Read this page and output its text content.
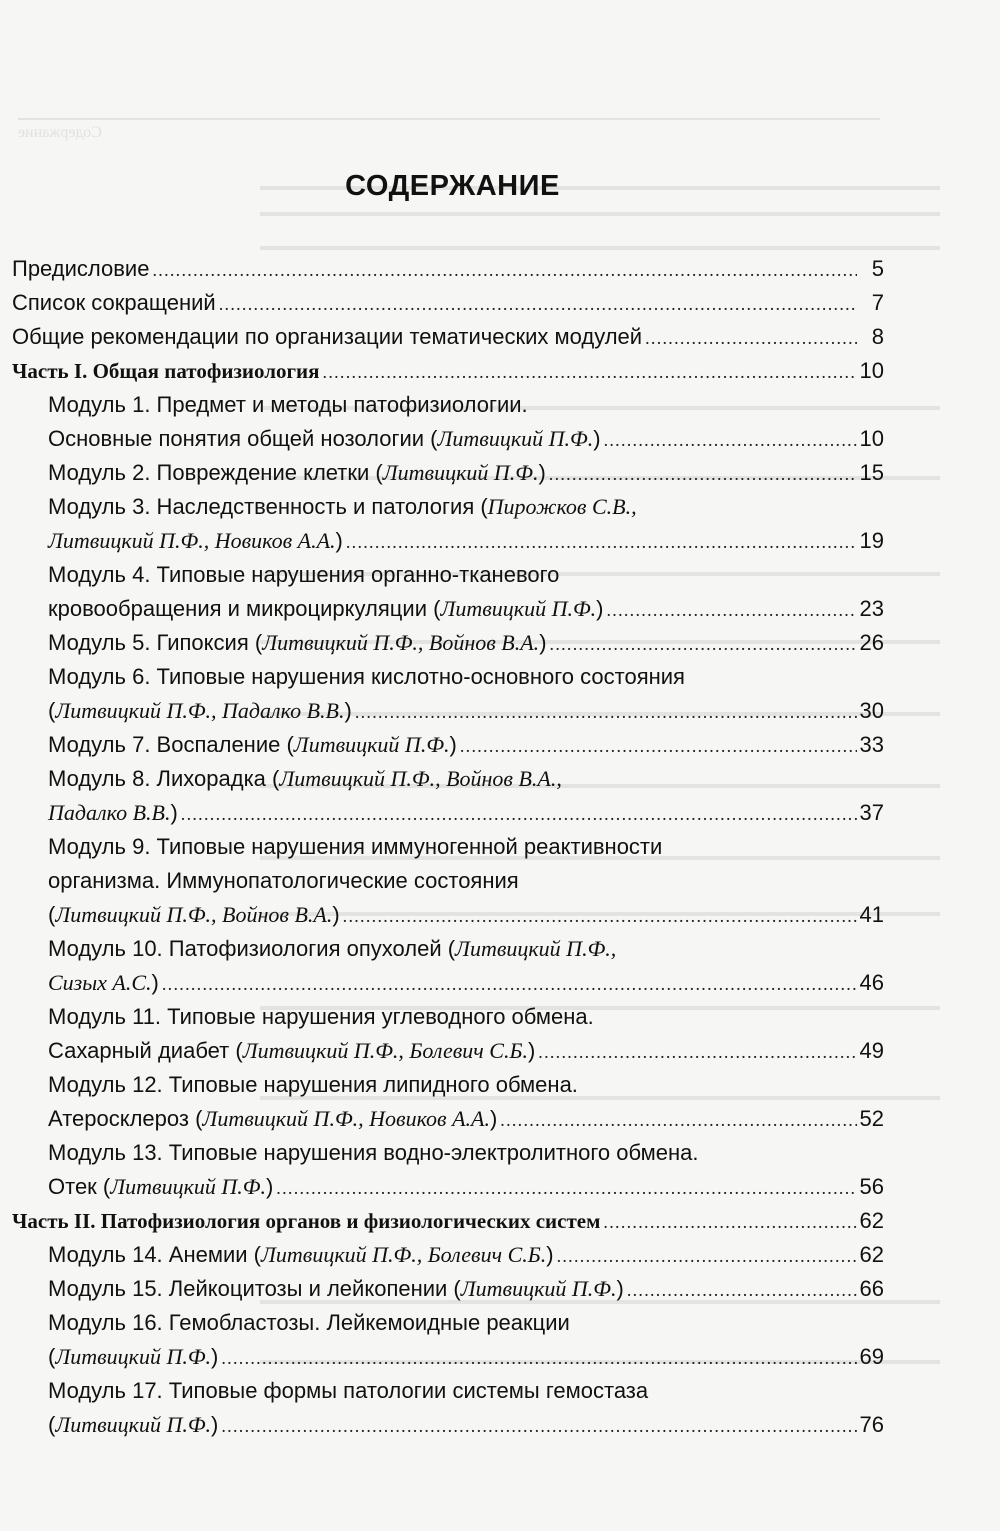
Содержание
СОДЕРЖАНИЕ
Предисловие .....	5
Список сокращений .....	7
Общие рекомендации по организации тематических модулей .....	8
Часть I. Общая патофизиология .....	10
Модуль 1. Предмет и методы патофизиологии.
Основные понятия общей нозологии (Литвицкий П.Ф.) .....	10
Модуль 2. Повреждение клетки (Литвицкий П.Ф.) .....	15
Модуль 3. Наследственность и патология (Пирожков С.В.,
Литвицкий П.Ф., Новиков А.А.) .....	19
Модуль 4. Типовые нарушения органно-тканевого
кровообращения и микроциркуляции (Литвицкий П.Ф.) .....	23
Модуль 5. Гипоксия (Литвицкий П.Ф., Войнов В.А.) .....	26
Модуль 6. Типовые нарушения кислотно-основного состояния
(Литвицкий П.Ф., Падалко В.В.) .....	30
Модуль 7. Воспаление (Литвицкий П.Ф.) .....	33
Модуль 8. Лихорадка (Литвицкий П.Ф., Войнов В.А.,
Падалко В.В.) .....	37
Модуль 9. Типовые нарушения иммуногенной реактивности
организма. Иммунопатологические состояния
(Литвицкий П.Ф., Войнов В.А.) .....	41
Модуль 10. Патофизиология опухолей (Литвицкий П.Ф.,
Сизых А.С.) .....	46
Модуль 11. Типовые нарушения углеводного обмена.
Сахарный диабет (Литвицкий П.Ф., Болевич С.Б.) .....	49
Модуль 12. Типовые нарушения липидного обмена.
Атеросклероз (Литвицкий П.Ф., Новиков А.А.) .....	52
Модуль 13. Типовые нарушения водно-электролитного обмена.
Отек (Литвицкий П.Ф.) .....	56
Часть II. Патофизиология органов и физиологических систем .....	62
Модуль 14. Анемии (Литвицкий П.Ф., Болевич С.Б.) .....	62
Модуль 15. Лейкоцитозы и лейкопении (Литвицкий П.Ф.) .....	66
Модуль 16. Гемобластозы. Лейкемоидные реакции
(Литвицкий П.Ф.) .....	69
Модуль 17. Типовые формы патологии системы гемостаза
(Литвицкий П.Ф.) .....	76
